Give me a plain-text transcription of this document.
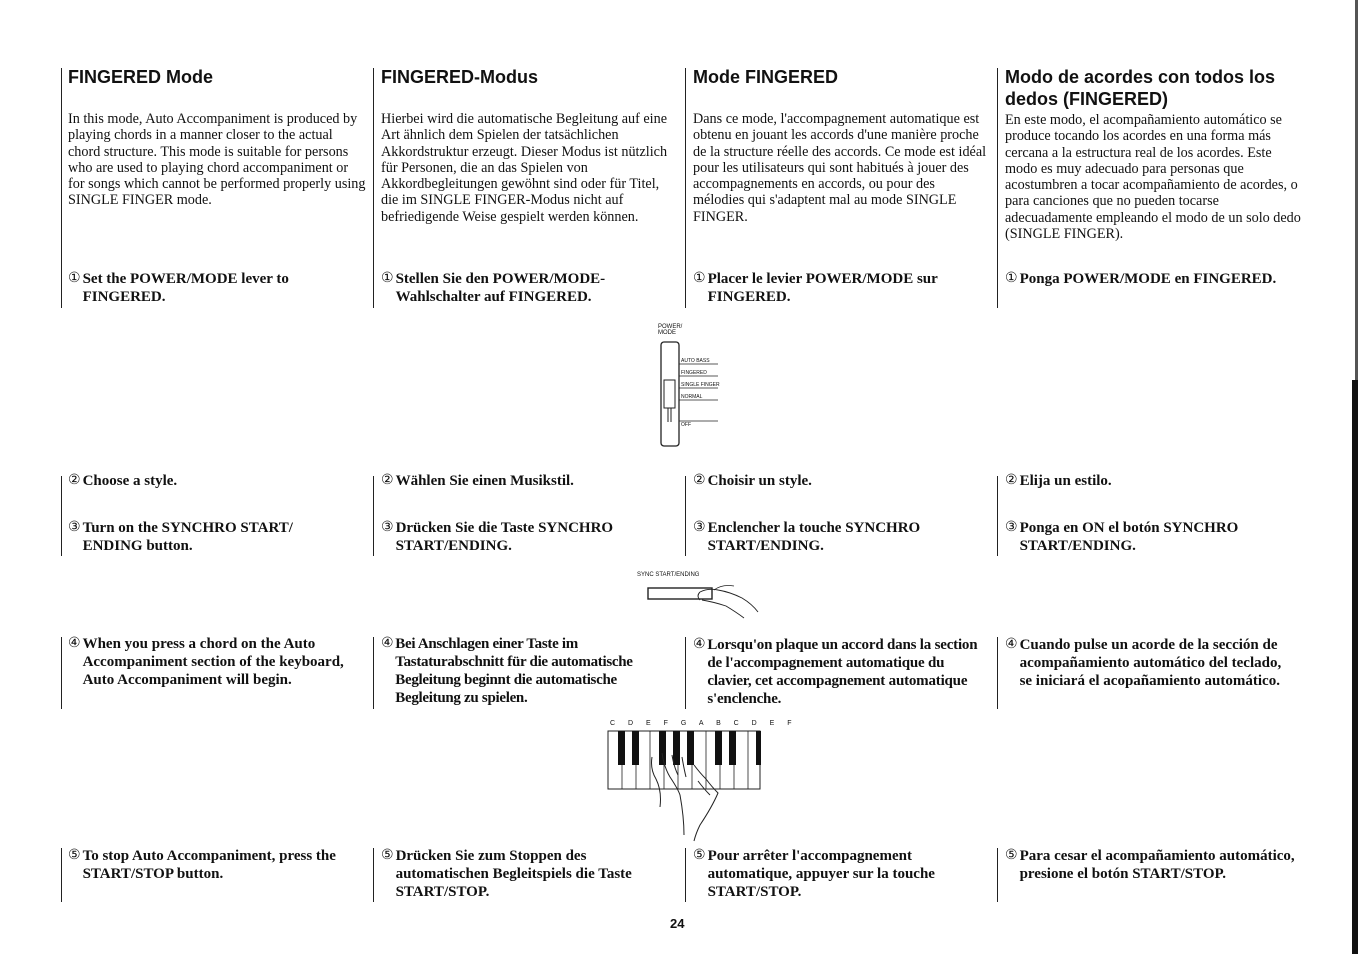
FINGERED Mode

In this mode, Auto Accompaniment is produced by playing chords in a manner closer to the actual chord structure. This mode is suitable for persons who are used to playing chord accompaniment or for songs which cannot be performed properly using SINGLE FINGER mode.

① Set the POWER/MODE lever to FINGERED.

② Choose a style.

③ Turn on the SYNCHRO START/ ENDING button.

④ When you press a chord on the Auto Accompaniment section of the keyboard, Auto Accompaniment will begin.

⑤ To stop Auto Accompaniment, press the START/STOP button.

FINGERED-Modus

Hierbei wird die automatische Begleitung auf eine Art ähnlich dem Spielen der tatsächlichen Akkordstruktur erzeugt. Dieser Modus ist nützlich für Personen, die an das Spielen von Akkordbegleitungen gewöhnt sind oder für Titel, die im SINGLE FINGER-Modus nicht auf befriedigende Weise gespielt werden können.

① Stellen Sie den POWER/MODE-Wahlschalter auf FINGERED.

② Wählen Sie einen Musikstil.

③ Drücken Sie die Taste SYNCHRO START/ENDING.

④ Bei Anschlagen einer Taste im Tastaturabschnitt für die automatische Begleitung beginnt die automatische Begleitung zu spielen.

⑤ Drücken Sie zum Stoppen des automatischen Begleitspiels die Taste START/STOP.

Mode FINGERED

Dans ce mode, l'accompagnement automatique est obtenu en jouant les accords d'une manière proche de la structure réelle des accords. Ce mode est idéal pour les utilisateurs qui sont habitués à jouer des accompagnements en accords, ou pour des mélodies qui s'adaptent mal au mode SINGLE FINGER.

① Placer le levier POWER/MODE sur FINGERED.

② Choisir un style.

③ Enclencher la touche SYNCHRO START/ENDING.

④ Lorsqu'on plaque un accord dans la section de l'accompagnement automatique du clavier, cet accompagnement automatique s'enclenche.

⑤ Pour arrêter l'accompagnement automatique, appuyer sur la touche START/STOP.

Modo de acordes con todos los dedos (FINGERED)

En este modo, el acompañamiento automático se produce tocando los acordes en una forma más cercana a la estructura real de los acordes. Este modo es muy adecuado para personas que acostumbren a tocar acompañamiento de acordes, o para canciones que no pueden tocarse adecuadamente empleando el modo de un solo dedo (SINGLE FINGER).

① Ponga POWER/MODE en FINGERED.

② Elija un estilo.

③ Ponga en ON el botón SYNCHRO START/ENDING.

④ Cuando pulse un acorde de la sección de acompañamiento automático del teclado, se iniciará el acopañamiento automático.

⑤ Para cesar el acompañamiento automático, presione el botón START/STOP.

POWER/ MODE
AUTO BASS
FINGERED
SINGLE FINGER
NORMAL
OFF
SYNC START/ENDING
C D E F G A B C D E F
24
